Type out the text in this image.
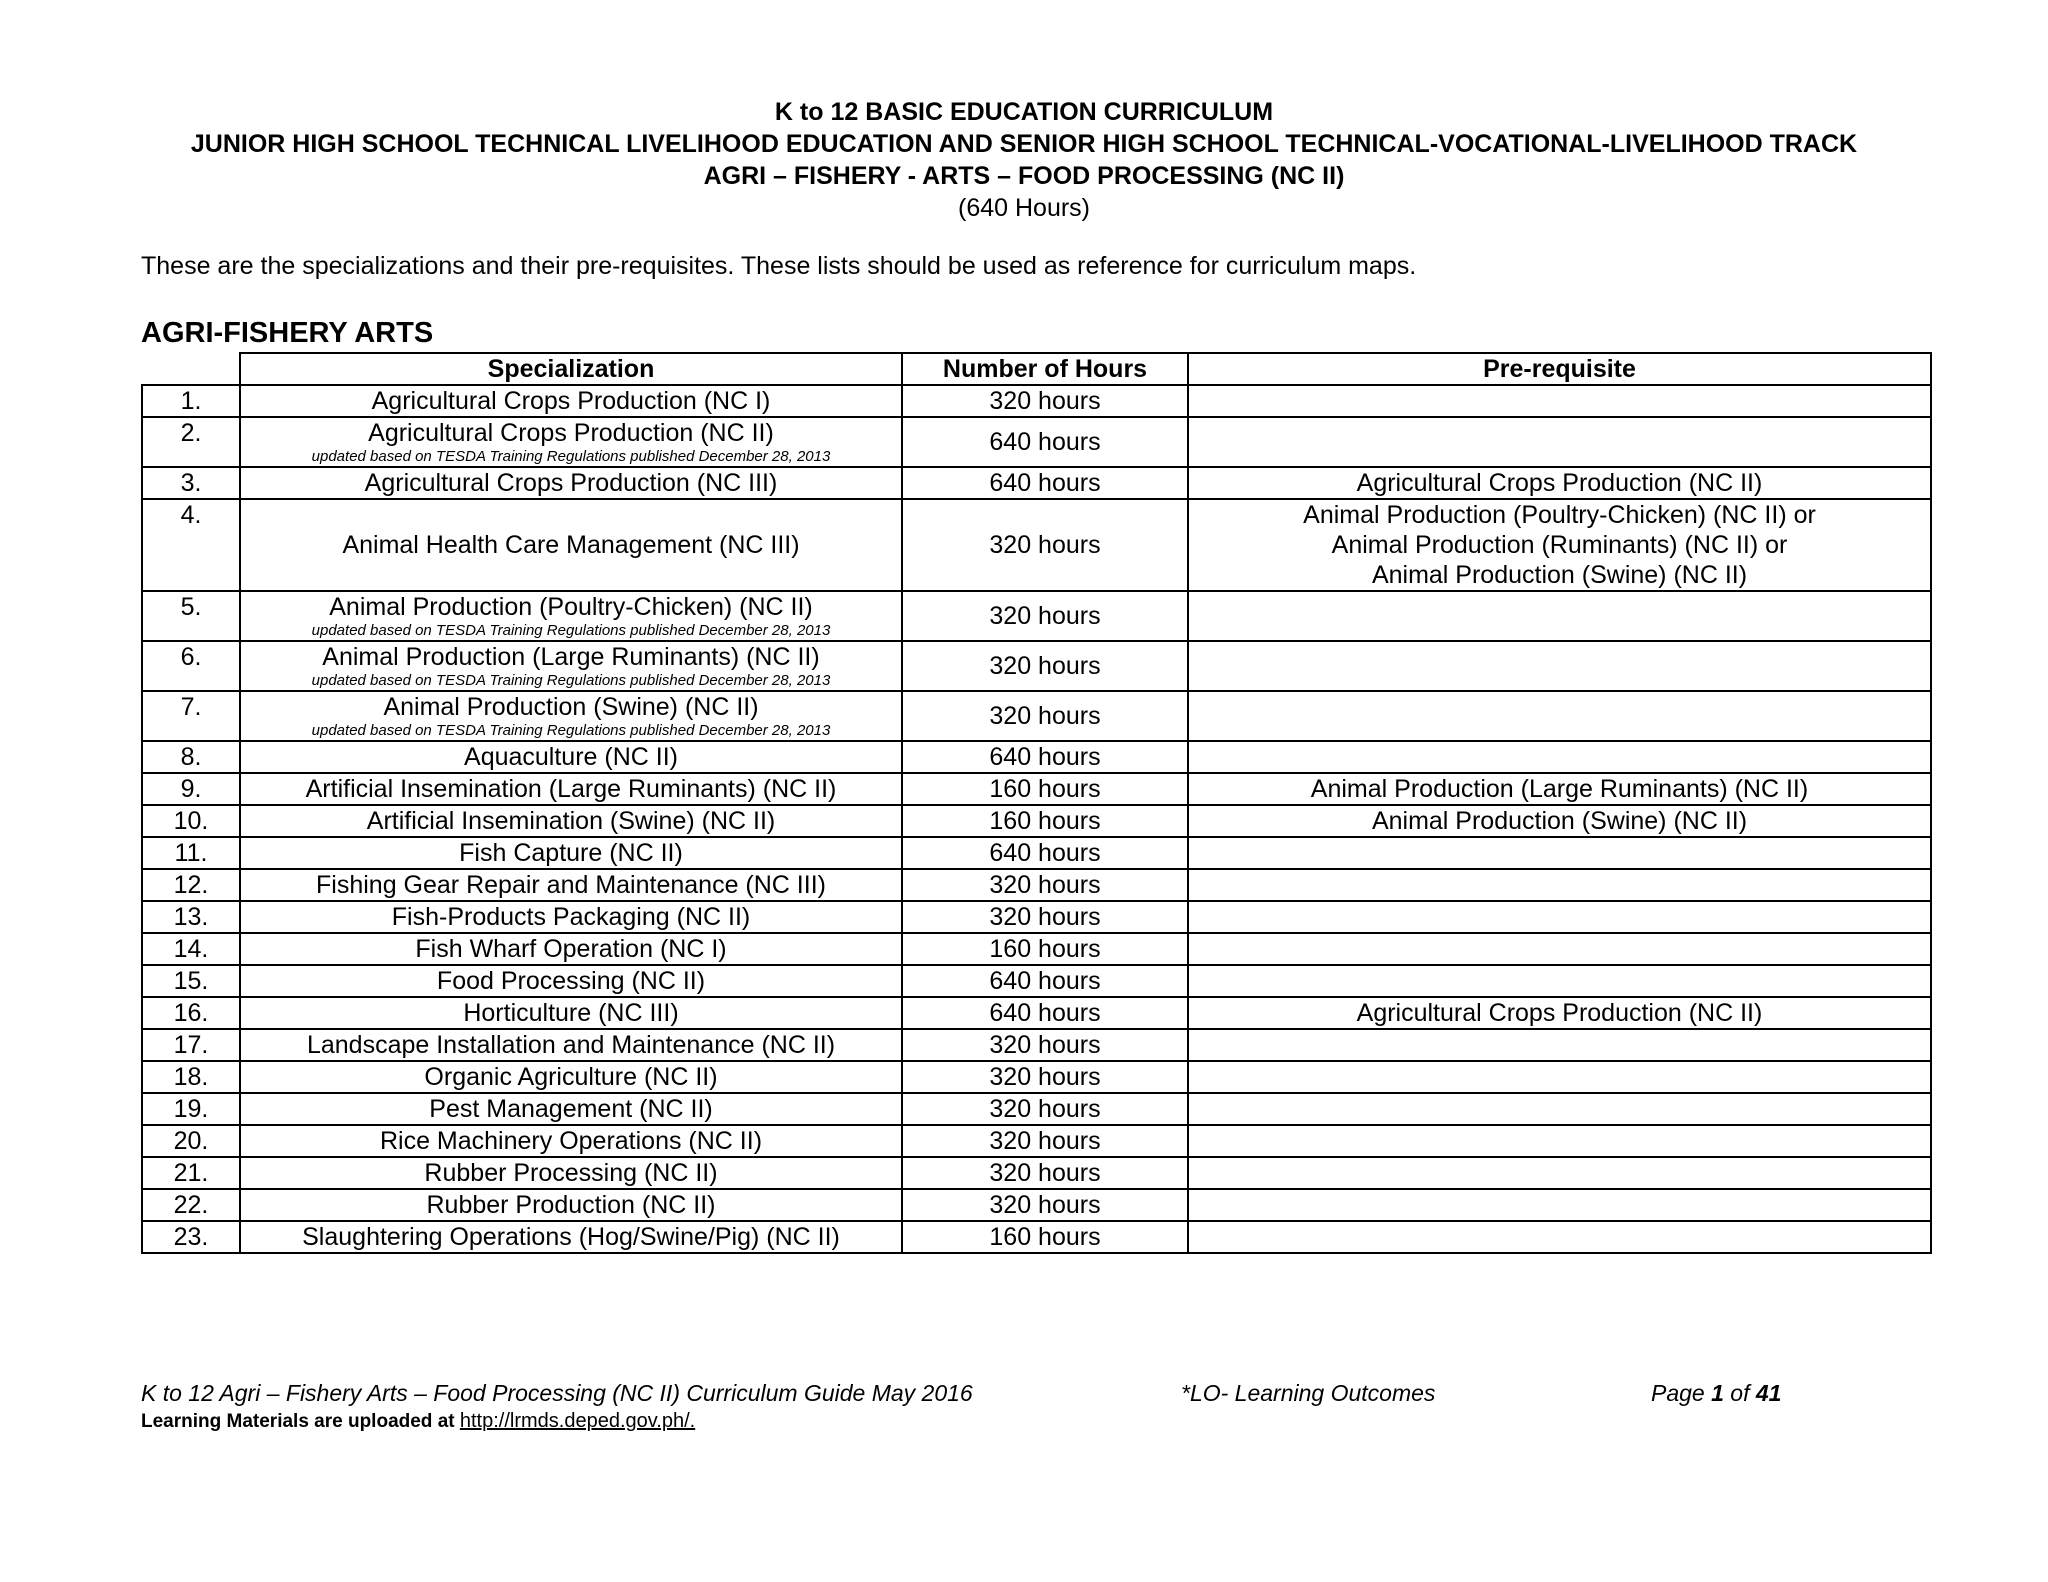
K to 12 BASIC EDUCATION CURRICULUM
JUNIOR HIGH SCHOOL TECHNICAL LIVELIHOOD EDUCATION AND SENIOR HIGH SCHOOL TECHNICAL-VOCATIONAL-LIVELIHOOD TRACK
AGRI – FISHERY - ARTS – FOOD PROCESSING (NC II)
(640 Hours)
These are the specializations and their pre-requisites. These lists should be used as reference for curriculum maps.
AGRI-FISHERY ARTS
	Specialization	Number of Hours	Pre-requisite
1.	Agricultural Crops Production (NC I)	320 hours	
2.	Agricultural Crops Production (NC II)
updated based on TESDA Training Regulations published December 28, 2013	640 hours	
3.	Agricultural Crops Production (NC III)	640 hours	Agricultural Crops Production (NC II)
4.	Animal Health Care Management (NC III)	320 hours	Animal Production (Poultry-Chicken) (NC II) or
Animal Production (Ruminants) (NC II) or
Animal Production (Swine) (NC II)
5.	Animal Production (Poultry-Chicken) (NC II)
updated based on TESDA Training Regulations published December 28, 2013	320 hours	
6.	Animal Production (Large Ruminants) (NC II)
updated based on TESDA Training Regulations published December 28, 2013	320 hours	
7.	Animal Production (Swine) (NC II)
updated based on TESDA Training Regulations published December 28, 2013	320 hours	
8.	Aquaculture (NC II)	640 hours	
9.	Artificial Insemination (Large Ruminants) (NC II)	160 hours	Animal Production (Large Ruminants) (NC II)
10.	Artificial Insemination (Swine) (NC II)	160 hours	Animal Production (Swine) (NC II)
11.	Fish Capture (NC II)	640 hours	
12.	Fishing Gear Repair and Maintenance (NC III)	320 hours	
13.	Fish-Products Packaging (NC II)	320 hours	
14.	Fish Wharf Operation (NC I)	160 hours	
15.	Food Processing (NC II)	640 hours	
16.	Horticulture (NC III)	640 hours	Agricultural Crops Production (NC II)
17.	Landscape Installation and Maintenance (NC II)	320 hours	
18.	Organic Agriculture (NC II)	320 hours	
19.	Pest Management (NC II)	320 hours	
20.	Rice Machinery Operations (NC II)	320 hours	
21.	Rubber Processing (NC II)	320 hours	
22.	Rubber Production (NC II)	320 hours	
23.	Slaughtering Operations (Hog/Swine/Pig) (NC II)	160 hours	
K to 12 Agri – Fishery Arts – Food Processing (NC II) Curriculum Guide May 2016	*LO- Learning Outcomes	Page 1 of 41
Learning Materials are uploaded at http://lrmds.deped.gov.ph/.
